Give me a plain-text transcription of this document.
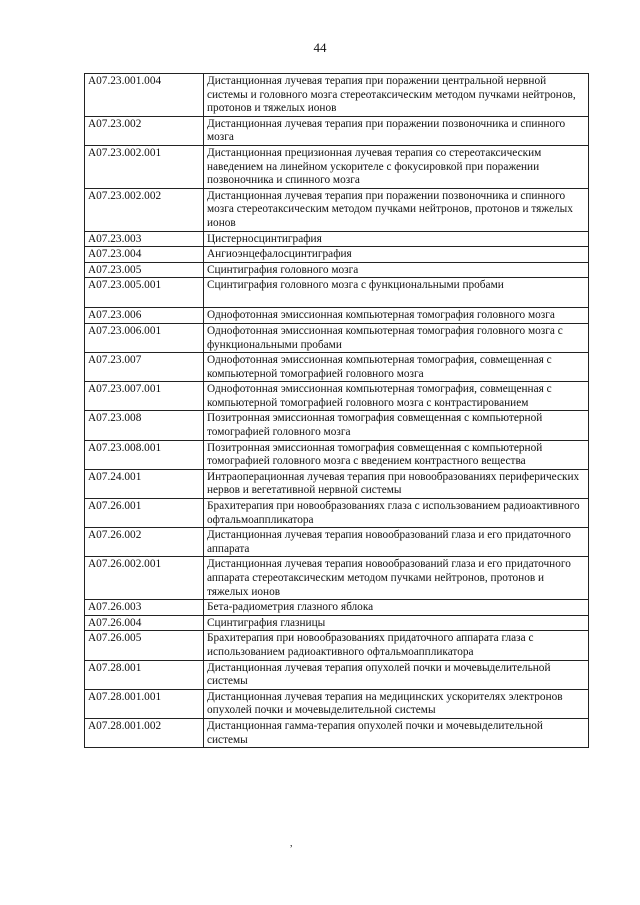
44
A07.23.001.004	Дистанционная лучевая терапия при поражении центральной нервной системы и головного мозга стереотаксическим методом пучками нейтронов, протонов и тяжелых ионов
A07.23.002	Дистанционная лучевая терапия при поражении позвоночника и спинного мозга
A07.23.002.001	Дистанционная прецизионная лучевая терапия со стереотаксическим наведением на линейном ускорителе с фокусировкой при поражении позвоночника и спинного мозга
A07.23.002.002	Дистанционная лучевая терапия при поражении позвоночника и спинного мозга стереотаксическим методом пучками нейтронов, протонов и тяжелых ионов
A07.23.003	Цистерносцинтиграфия
A07.23.004	Ангиоэнцефалосцинтиграфия
A07.23.005	Сцинтиграфия головного мозга
A07.23.005.001	Сцинтиграфия головного мозга с функциональными пробами
A07.23.006	Однофотонная эмиссионная компьютерная томография головного мозга
A07.23.006.001	Однофотонная эмиссионная компьютерная томография головного мозга с функциональными пробами
A07.23.007	Однофотонная эмиссионная компьютерная томография, совмещенная с компьютерной томографией головного мозга
A07.23.007.001	Однофотонная эмиссионная компьютерная томография, совмещенная с компьютерной томографией головного мозга с контрастированием
A07.23.008	Позитронная эмиссионная томография совмещенная с компьютерной томографией головного мозга
A07.23.008.001	Позитронная эмиссионная томография совмещенная с компьютерной томографией головного мозга с введением контрастного вещества
A07.24.001	Интраоперационная лучевая терапия при новообразованиях периферических нервов и вегетативной нервной системы
A07.26.001	Брахитерапия при новообразованиях глаза с использованием радиоактивного офтальмоаппликатора
A07.26.002	Дистанционная лучевая терапия новообразований глаза и его придаточного аппарата
A07.26.002.001	Дистанционная лучевая терапия новообразований глаза и его придаточного аппарата стереотаксическим методом пучками нейтронов, протонов и тяжелых ионов
A07.26.003	Бета-радиометрия глазного яблока
A07.26.004	Сцинтиграфия глазницы
A07.26.005	Брахитерапия при новообразованиях придаточного аппарата глаза с использованием радиоактивного офтальмоаппликатора
A07.28.001	Дистанционная лучевая терапия опухолей почки и мочевыделительной системы
A07.28.001.001	Дистанционная лучевая терапия на медицинских ускорителях электронов опухолей почки и мочевыделительной системы
A07.28.001.002	Дистанционная гамма-терапия опухолей почки и мочевыделительной системы
,
